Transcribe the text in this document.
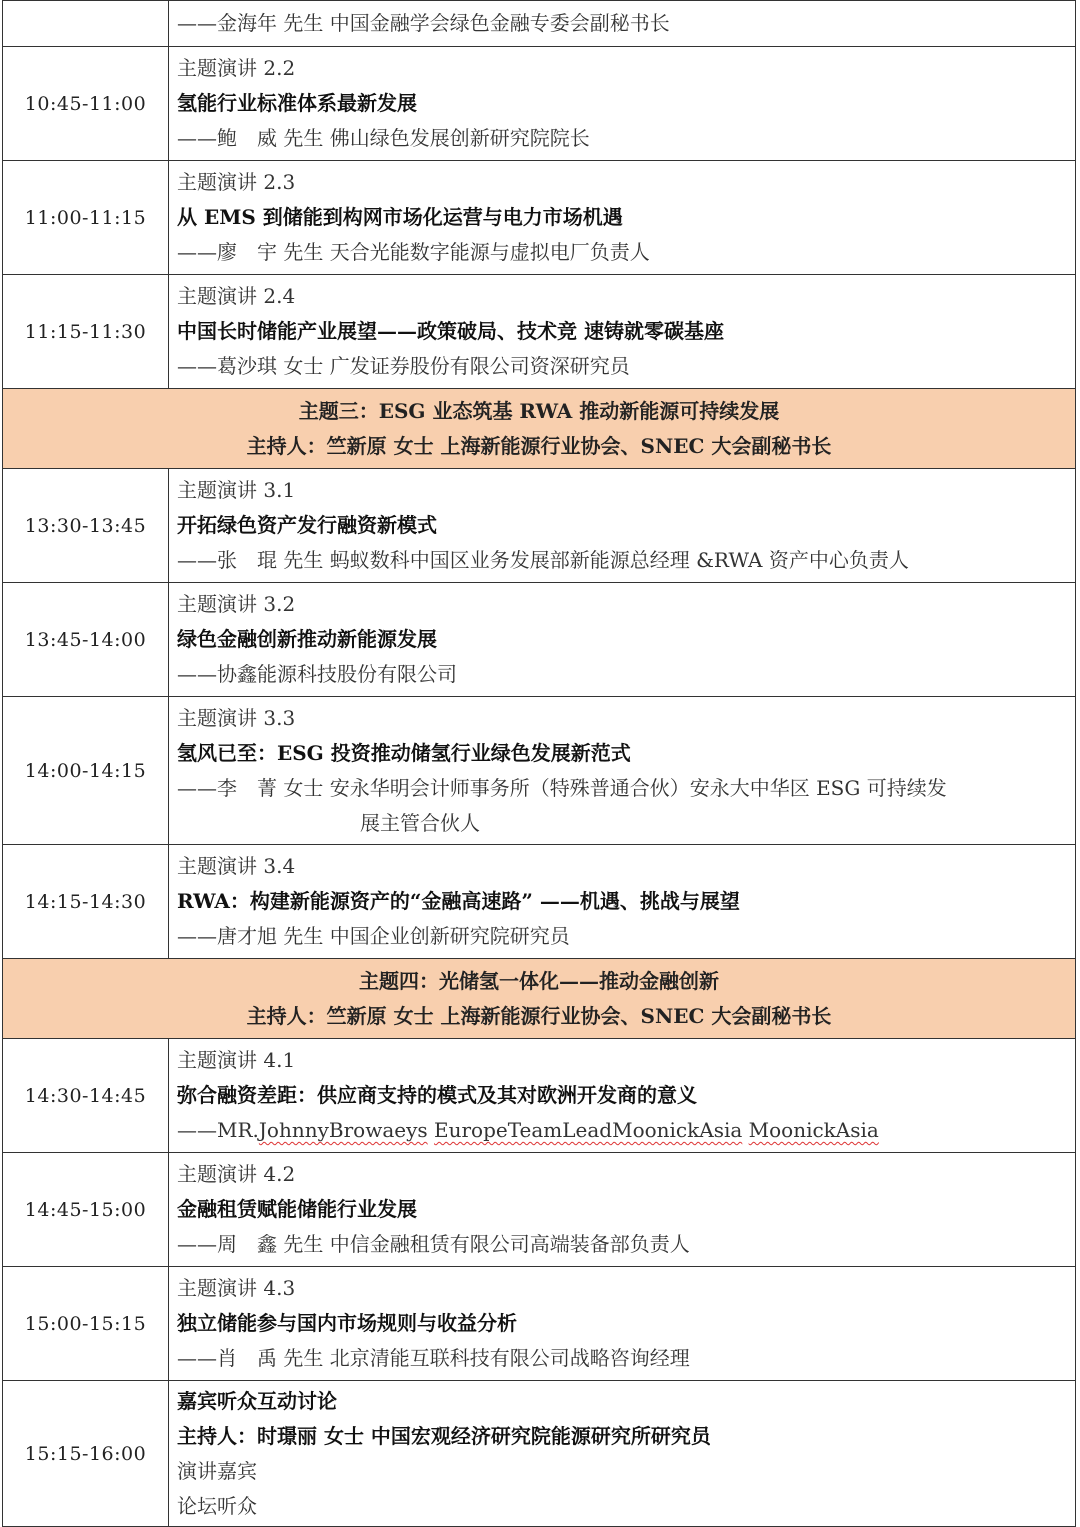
——金海年 先生 中国金融学会绿色金融专委会副秘书长
10:45-11:00
主题演讲 2.2
氢能行业标准体系最新发展
——鲍　威 先生 佛山绿色发展创新研究院院长
11:00-11:15
主题演讲 2.3
从 EMS 到储能到构网市场化运营与电力市场机遇
——廖　宇 先生 天合光能数字能源与虚拟电厂负责人
11:15-11:30
主题演讲 2.4
中国长时储能产业展望——政策破局、技术竞 速铸就零碳基座
——葛沙琪 女士 广发证券股份有限公司资深研究员
主题三：ESG 业态筑基 RWA 推动新能源可持续发展
主持人：竺新原 女士 上海新能源行业协会、SNEC 大会副秘书长
13:30-13:45
主题演讲 3.1
开拓绿色资产发行融资新模式
——张　琨 先生 蚂蚁数科中国区业务发展部新能源总经理 &RWA 资产中心负责人
13:45-14:00
主题演讲 3.2
绿色金融创新推动新能源发展
——协鑫能源科技股份有限公司
14:00-14:15
主题演讲 3.3
氢风已至：ESG 投资推动储氢行业绿色发展新范式
——李　菁 女士 安永华明会计师事务所（特殊普通合伙）安永大中华区 ESG 可持续发
展主管合伙人
14:15-14:30
主题演讲 3.4
RWA：构建新能源资产的“金融高速路” ——机遇、挑战与展望
——唐才旭 先生 中国企业创新研究院研究员
主题四：光储氢一体化——推动金融创新
主持人：竺新原 女士 上海新能源行业协会、SNEC 大会副秘书长
14:30-14:45
主题演讲 4.1
弥合融资差距：供应商支持的模式及其对欧洲开发商的意义
——MR.JohnnyBrowaeys EuropeTeamLeadMoonickAsia MoonickAsia
14:45-15:00
主题演讲 4.2
金融租赁赋能储能行业发展
——周　鑫 先生 中信金融租赁有限公司高端装备部负责人
15:00-15:15
主题演讲 4.3
独立储能参与国内市场规则与收益分析
——肖　禹 先生 北京清能互联科技有限公司战略咨询经理
15:15-16:00
嘉宾听众互动讨论
主持人：时璟丽 女士 中国宏观经济研究院能源研究所研究员
演讲嘉宾
论坛听众
